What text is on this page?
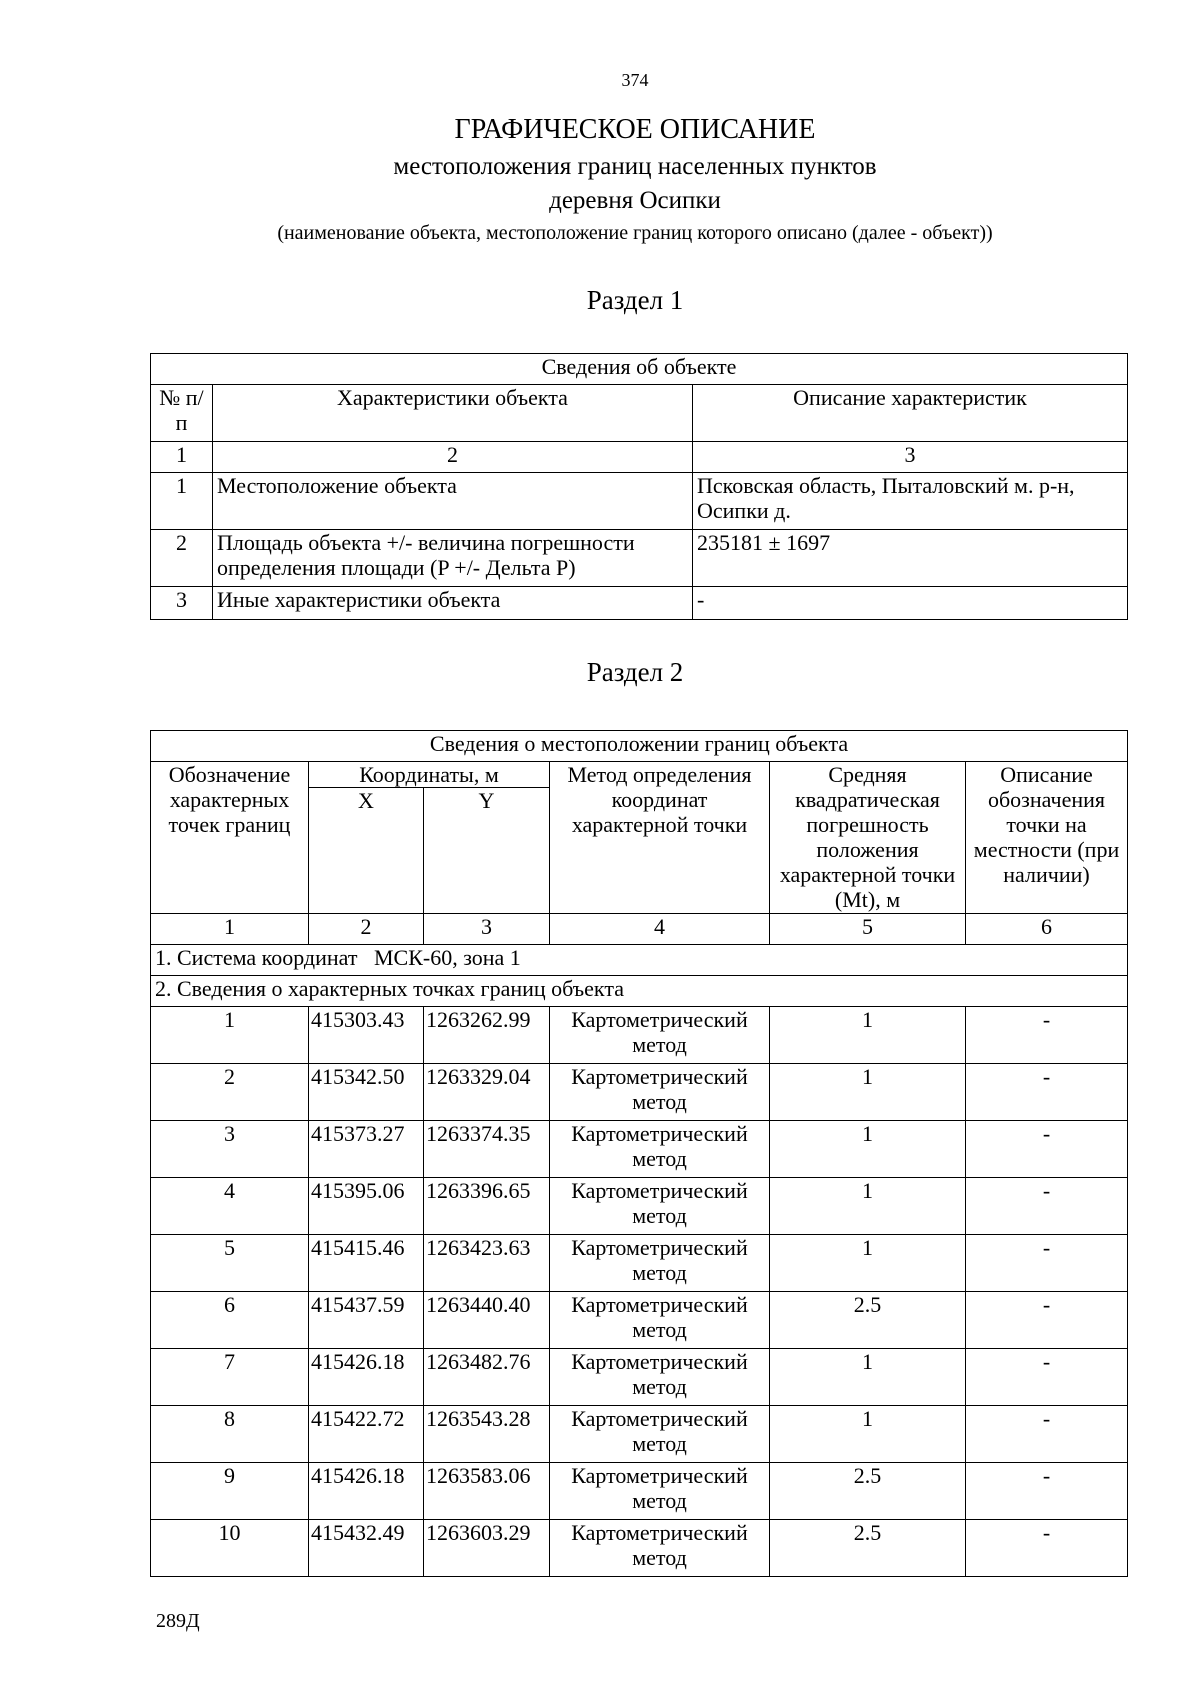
374
ГРАФИЧЕСКОЕ ОПИСАНИЕ
местоположения границ населенных пунктов
деревня Осипки
(наименование объекта, местоположение границ которого описано (далее - объект))
Раздел 1
Сведения об объекте		
№ п/п	Характеристики объекта	Описание характеристик
1	2	3
1	Местоположение объекта	Псковская область, Пыталовский м. р-н, Осипки д.
2	Площадь объекта +/- величина погрешности определения площади (P +/- Дельта P)	235181 ± 1697
3	Иные характеристики объекта	-
Раздел 2
Сведения о местоположении границ объекта					
Обозначение характерных точек границ	Координаты, м		Метод определения координат характерной точки	Средняя квадратическая погрешность положения характерной точки (Mt), м	Описание обозначения точки на местности (при наличии)
	X	Y			
1	2	3	4	5	6
1. Система координат   МСК-60, зона 1					
2. Сведения о характерных точках границ объекта					
1	415303.43	1263262.99	Картометрический метод	1	-
2	415342.50	1263329.04	Картометрический метод	1	-
3	415373.27	1263374.35	Картометрический метод	1	-
4	415395.06	1263396.65	Картометрический метод	1	-
5	415415.46	1263423.63	Картометрический метод	1	-
6	415437.59	1263440.40	Картометрический метод	2.5	-
7	415426.18	1263482.76	Картометрический метод	1	-
8	415422.72	1263543.28	Картометрический метод	1	-
9	415426.18	1263583.06	Картометрический метод	2.5	-
10	415432.49	1263603.29	Картометрический метод	2.5	-
289Д
